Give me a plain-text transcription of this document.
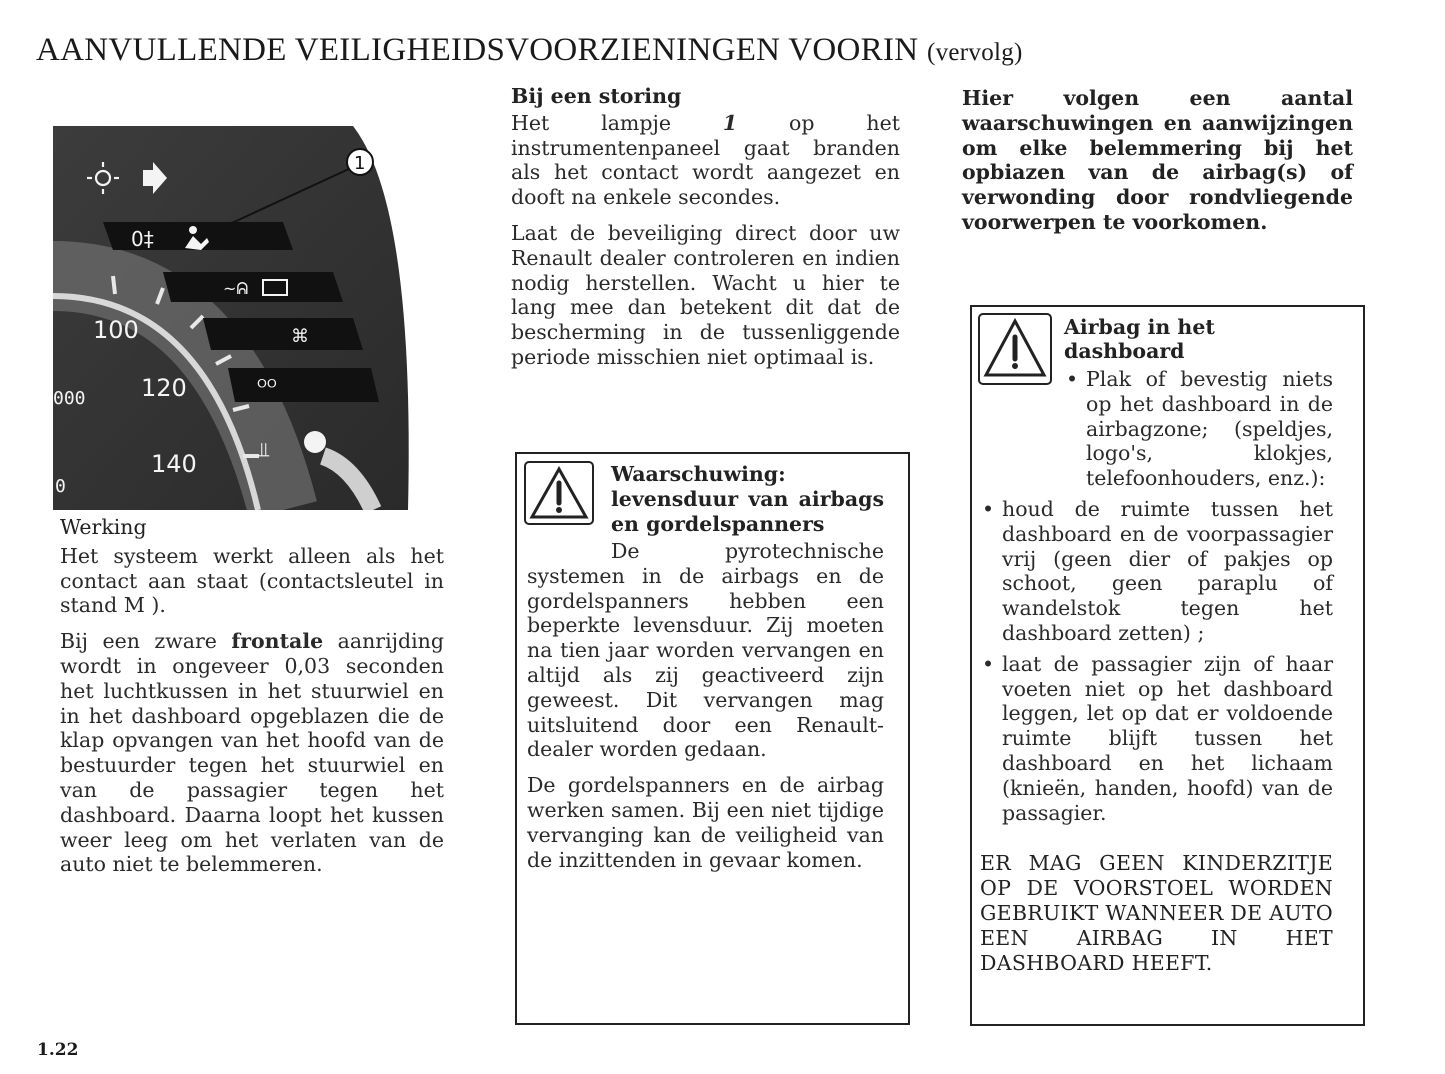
AANVULLENDE VEILIGHEIDSVOORZIENINGEN VOORIN (vervolg)
0‡
~ᕱ
⌘
ᴼᴼ
⫫
100
120
140
000
0
1
Werking

Het systeem werkt alleen als het contact aan staat (contactsleutel in stand M ).

Bij een zware frontale aanrijding wordt in ongeveer 0,03 seconden het luchtkussen in het stuurwiel en in het dashboard opgeblazen die de klap opvangen van het hoofd van de bestuurder tegen het stuurwiel en van de passagier tegen het dashboard. Daarna loopt het kussen weer leeg om het verlaten van de auto niet te belemmeren.

Bij een storing

Het lampje 1 op het instrumentenpaneel gaat branden als het contact wordt aangezet en dooft na enkele secondes.

Laat de beveiliging direct door uw Renault dealer controleren en indien nodig herstellen. Wacht u hier te lang mee dan betekent dit dat de bescherming in de tussenliggende periode misschien niet optimaal is.

Waarschuwing: levensduur van airbags en gordelspanners

De pyrotechnische systemen in de airbags en de gordelspanners hebben een beperkte levensduur. Zij moeten na tien jaar worden vervangen en altijd als zij geactiveerd zijn geweest. Dit vervangen mag uitsluitend door een Renault-dealer worden gedaan.

De gordelspanners en de airbag werken samen. Bij een niet tijdige vervanging kan de veiligheid van de inzittenden in gevaar komen.

Hier volgen een aantal waarschuwingen en aanwijzingen om elke belemmering bij het opbiazen van de airbag(s) of verwonding door rondvliegende voorwerpen te voorkomen.
Airbag in het dashboard
• Plak of bevestig niets op het dashboard in de airbagzone; (speldjes, logo's, klokjes, telefoonhouders, enz.):
• houd de ruimte tussen het dashboard en de voorpassagier vrij (geen dier of pakjes op schoot, geen paraplu of wandelstok tegen het dashboard zetten) ;
• laat de passagier zijn of haar voeten niet op het dashboard leggen, let op dat er voldoende ruimte blijft tussen het dashboard en het lichaam (knieën, handen, hoofd) van de passagier.

ER MAG GEEN KINDERZITJE OP DE VOORSTOEL WORDEN GEBRUIKT WANNEER DE AUTO EEN AIRBAG IN HET DASHBOARD HEEFT.

1.22
